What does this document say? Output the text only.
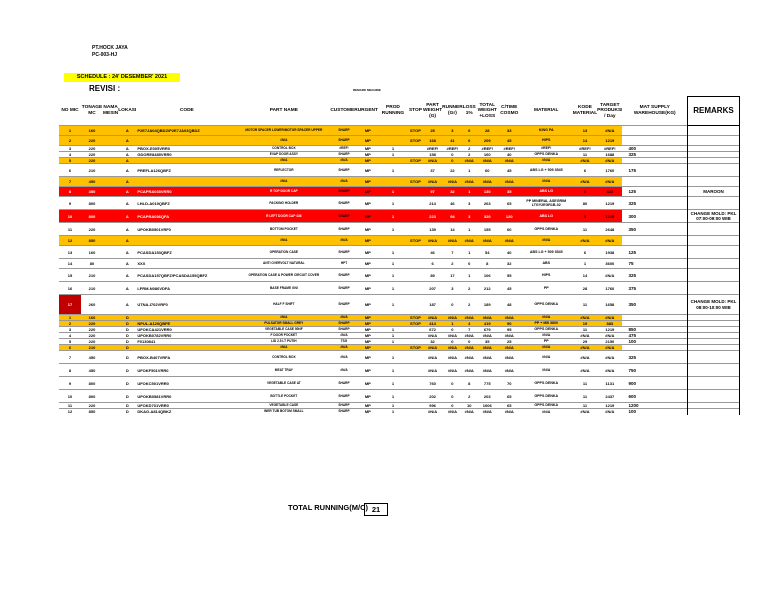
PT.HOCK JAYA
PC-003-HJ
SCHEDULE : 24' DESEMBER' 2021
REVISI :	REMARK MECHINE
NO MIC	TONAGE MC	NAMA MESIN	LOKASI	CODE	PART NAME	CUSTOMER	URGENT	PROD RUNNING	STOP	PART WEIGHT (G)	RUNNER (Gr)	LOSS 1%	TOTAL WEIGHT +LOSS	C/TIME COSMO	MATERIAL	KODE MATERIAL	TARGET PRODUKSI / Day	MAT SUPPLY WAREHOUSE(KG)	REMARKS
1	160		A	P2E7JA04QBDZ/P2E7JA03QBDZ	MOTOR SPACER LOWER/MOTOR SPACER UPPER	SHARP	MP		STOP	25	3	0	28	33	KING PA	13	#N/A		
2	220		A		#N/A	SHARP	MP		STOP	168	41	0	209	45	HIPS	14	1219		
3	220		A	PBOX-E005VRR0	CONTROL BOX	#REF!	MP	1		#REF!	#REF!	2	#REF!	#REF!	#REF!	#REF!	#REF!	400	
4	220		A	GDORE8485VRR0	EVAP DOOR ASSY	SHARP	MP	1		158	0	2	160	40	GPPS DENKA	11	1688	325	
5	220		A		#N/A	#N/A	MP		STOP	#N/A	0	#N/A	#N/A	#N/A	#N/A	#N/A	#N/A		
6	210		A	PREFLA126QBFZ	REFLECTOR	SHARP	MP	1		37	22	1	60	45	ABS LG + 509 3545	6	1760	175	
7	450		A		#N/A	#N/A	MP		STOP	#N/A	#N/A	#N/A	#N/A	#N/A	#N/A	#N/A	#N/A		
8	450		A	PCAPRA035VRR0	R TOP DOOR CAP	SHARP	MP	1		97	32	1	130	35	ABS LG	5	822	125	MAROON
9	800		A	LHLD-A019QBFZ	PACKING HOLDER	SHARP	MP	1		214	46	3	263	65	PP MINERAL ASEGRIM LTGY2EGR1B-02	80	1219	325	
10	800		A	PCAPRA036QFA	R LEFT DOOR CAP 436	SHARP	MP	1		223	94	3	320	120	ABS LG	5	1220	300	CHANGE MOLD: PKL 07:00-09:00 WIB
11	220		A	UPOKB0501VRF0	BOTTOM POCKET	SHARP	MP	1		139	14	1	155	60	GPPS DENKA	11	2648	350	
12	850		A		#N/A	#N/A	MP		STOP	#N/A	#N/A	#N/A	#N/A	#N/A	#N/A	#N/A	#N/A		
13	160		A	PCASDA153QBFZ	OPERATION CASE	SHARP	MP	1		46	7	1	54	40	ABS LG + 509 3545	6	1938	125	
14	80		A	XXX	ANTI OVERVOLT NATURAL	HPT	MP	1		6	2	0	8	32	ABS	1	3600	75	
15	210		A	PCASDA157QBFZ/PCASDA155QBFZ	OPERATION CASE & POWER CIRCUIT COVER	SHARP	MP	1		89	17	1	106	55	HIPS	14	#N/A	325	
16	210		A	LFRM-N086VDFA	BASE FRAME GNI	SHARP	MP	1		207	3	2	212	45	PP	28	1760	375	
17	260		A	UTNA-I702VRF0	HALF F SHIFT	SHARP	MP	1		187	0	2	189	48	GPPS DENKA	11	1658	350	CHANGE MOLD: PKL 08:00-10:00 WIB
1	160		D		#N/A	#N/A	MP		STOP	#N/A	#N/A	#N/A	#N/A	#N/A	#N/A	#N/A	#N/A		
2	220		D	NPUL-A120QBFE	PULSATOR SMALL GREY	SHARP	MP		STOP	414	1	4	419	90	PP + MB 3800	19	883		
3	220		D	UFOKCA421VRR0	VEGETABLE CASE 50NF	SHARP	MP	1		672	0	7	679	95	GPPS DENKA	11	1219	850	
4	220		D	UPOKB0782VRR0	F DOOR POCKET	#N/A	MP	1		#N/A	#N/A	#N/A	#N/A	#N/A	#N/A	#N/A	#N/A	475	
5	220		D	F0130841	LID 2.5 LT PUTIH	TSG	MP	1		32	0	0	35	25	PP	29	2150	100	
6	210		D		#N/A	#N/A	MP		STOP	#N/A	#N/A	#N/A	#N/A	#N/A	#N/A	#N/A	#N/A		
7	450		D	PBOX-B407VRFA	CONTROL BOX	#N/A	MP	1		#N/A	#N/A	#N/A	#N/A	#N/A	#N/A	#N/A	#N/A	325	
8	450		D	UFOKF501VRR0	MEAT TRAY	#N/A	MP	1		#N/A	#N/A	#N/A	#N/A	#N/A	#N/A	#N/A	#N/A	750	
9	800		D	UFOKC501VRR0	VEGETABLE CASE AT	SHARP	MP	1		760	0	8	775	70	GPPS DENKA	11	1131	900	
10	800		D	UPOKB0581VRR0	BOTTLE POCKET	SHARP	MP	1		202	0	2	203	65	GPPS DENKA	11	2437	600	
11	220		D	UFOKD701VRR0	VEGETABLE CASE	SHARP	MP	1		996	0	10	1006	65	GPPS DENKA	11	1219	1200	
12	850		D	DKAG-A814QBKZ	INER TUB BOTOM SMALL	SHARP	MP	1		#N/A	#N/A	#N/A	#N/A	#N/A	#N/A	#N/A	#N/A	100	
TOTAL RUNNING(M/C) 21
